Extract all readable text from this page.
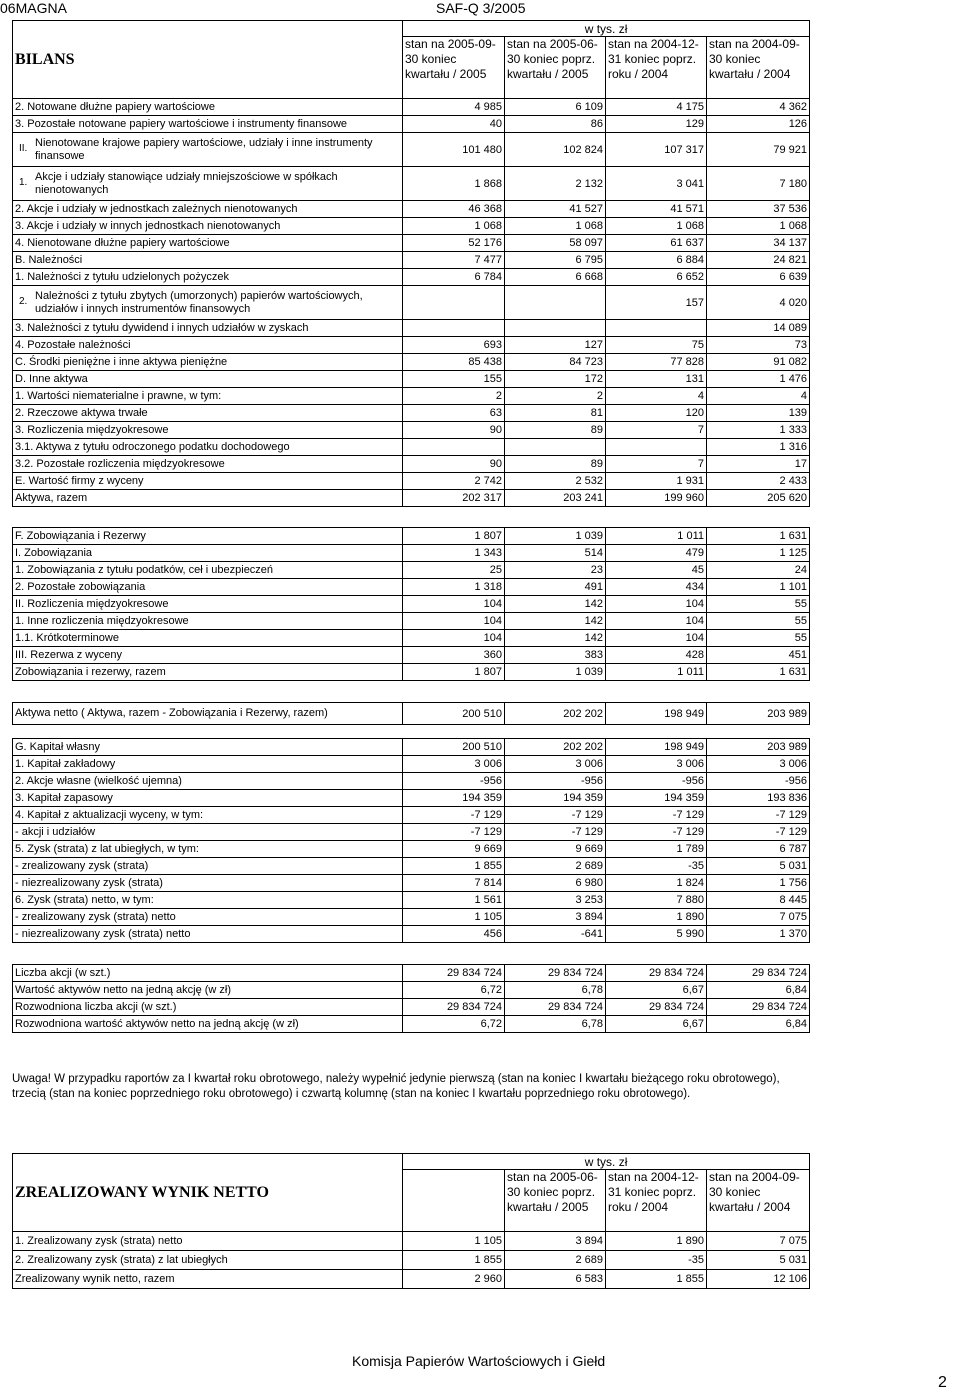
06MAGNA	SAF-Q 3/2005
BILANS	w tys. zł			
	stan na 2005-09-30 koniec kwartału / 2005	stan na 2005-06-30 koniec poprz. kwartału / 2005	stan na 2004-12-31 koniec poprz. roku / 2004	stan na 2004-09-30 koniec kwartału / 2004
2. Notowane dłużne papiery wartościowe	4 985	6 109	4 175	4 362
3. Pozostałe notowane papiery wartościowe i instrumenty finansowe	40	86	129	126

II. Nienotowane krajowe papiery wartościowe, udziały i inne instrumenty finansowe	101 480	102 824	107 317	79 921

1. Akcje i udziały stanowiące udziały mniejszościowe w spółkach nienotowanych	1 868	2 132	3 041	7 180
2. Akcje i udziały w jednostkach zależnych nienotowanych	46 368	41 527	41 571	37 536
3. Akcje i udziały w innych jednostkach nienotowanych	1 068	1 068	1 068	1 068
4. Nienotowane dłużne papiery wartościowe	52 176	58 097	61 637	34 137
B. Należności	7 477	6 795	6 884	24 821
1. Należności z tytułu udzielonych pożyczek	6 784	6 668	6 652	6 639

2. Należności z tytułu zbytych (umorzonych) papierów wartościowych, udziałów i innych instrumentów finansowych			157	4 020
3. Należności z tytułu dywidend i innych udziałów w zyskach				14 089
4. Pozostałe należności	693	127	75	73
C. Środki pieniężne i inne aktywa pieniężne	85 438	84 723	77 828	91 082
D. Inne aktywa	155	172	131	1 476
1. Wartości niematerialne i prawne, w tym:	2	2	4	4
2. Rzeczowe aktywa trwałe	63	81	120	139
3. Rozliczenia międzyokresowe	90	89	7	1 333
3.1. Aktywa z tytułu odroczonego podatku dochodowego				1 316
3.2. Pozostałe rozliczenia międzyokresowe	90	89	7	17
E. Wartość firmy z wyceny	2 742	2 532	1 931	2 433
Aktywa, razem	202 317	203 241	199 960	205 620
F. Zobowiązania i Rezerwy	1 807	1 039	1 011	1 631
I. Zobowiązania	1 343	514	479	1 125
1. Zobowiązania z tytułu podatków, ceł i ubezpieczeń	25	23	45	24
2. Pozostałe zobowiązania	1 318	491	434	1 101
II. Rozliczenia międzyokresowe	104	142	104	55
1. Inne rozliczenia międzyokresowe	104	142	104	55
1.1. Krótkoterminowe	104	142	104	55
III. Rezerwa z wyceny	360	383	428	451
Zobowiązania i rezerwy, razem	1 807	1 039	1 011	1 631
Aktywa netto ( Aktywa, razem - Zobowiązania i Rezerwy, razem)	200 510	202 202	198 949	203 989
G. Kapitał własny	200 510	202 202	198 949	203 989
1. Kapitał zakładowy	3 006	3 006	3 006	3 006
2. Akcje własne (wielkość ujemna)	-956	-956	-956	-956
3. Kapitał zapasowy	194 359	194 359	194 359	193 836
4. Kapitał z aktualizacji wyceny, w tym:	-7 129	-7 129	-7 129	-7 129
- akcji i udziałów	-7 129	-7 129	-7 129	-7 129
5. Zysk (strata) z lat ubiegłych, w tym:	9 669	9 669	1 789	6 787
- zrealizowany zysk (strata)	1 855	2 689	-35	5 031
- niezrealizowany zysk (strata)	7 814	6 980	1 824	1 756
6. Zysk (strata) netto, w tym:	1 561	3 253	7 880	8 445
- zrealizowany zysk (strata) netto	1 105	3 894	1 890	7 075
- niezrealizowany zysk (strata) netto	456	-641	5 990	1 370
Liczba akcji (w szt.)	29 834 724	29 834 724	29 834 724	29 834 724
Wartość aktywów netto na jedną akcję (w zł)	6,72	6,78	6,67	6,84
Rozwodniona liczba akcji (w szt.)	29 834 724	29 834 724	29 834 724	29 834 724
Rozwodniona wartość aktywów netto na jedną akcję (w zł)	6,72	6,78	6,67	6,84
Uwaga! W przypadku raportów za I kwartał roku obrotowego, należy wypełnić jedynie pierwszą (stan na koniec I kwartału bieżącego roku obrotowego), trzecią (stan na koniec poprzedniego roku obrotowego) i czwartą kolumnę (stan na koniec I kwartału poprzedniego roku obrotowego).
ZREALIZOWANY WYNIK NETTO	w tys. zł			
		stan na 2005-06-30 koniec poprz. kwartału / 2005	stan na 2004-12-31 koniec poprz. roku / 2004	stan na 2004-09-30 koniec kwartału / 2004
1. Zrealizowany zysk (strata) netto	1 105	3 894	1 890	7 075
2. Zrealizowany zysk (strata) z lat ubiegłych	1 855	2 689	-35	5 031
Zrealizowany wynik netto, razem	2 960	6 583	1 855	12 106
Komisja Papierów Wartościowych i Giełd
2
